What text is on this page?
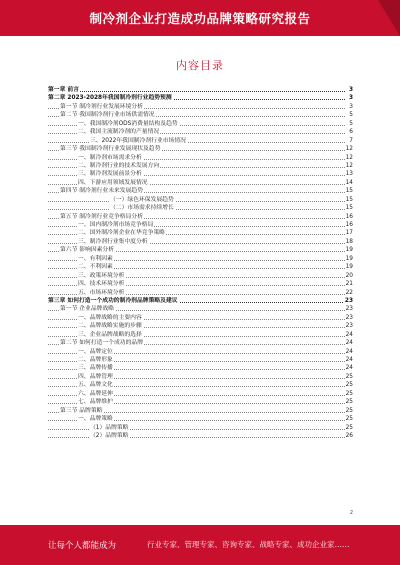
制冷剂企业打造成功品牌策略研究报告
内容目录
第一章 前言	3
第二章 2023-2028年我国制冷剂行业趋势预测	3
第一节 制冷剂行业发展环境分析	3
第二节 我国制冷剂行业市场供需情况	5
一、我国制冷剂ODS消费量结构及趋势	5
二、我国主流制冷剂的产量情况	6
三、2022年我国制冷剂行业市场情况	7
第三节 我国制冷剂行业发展现状及趋势	12
一、制冷剂市场需求分析	12
二、制冷剂行业的技术发展方向	12
三、制冷剂发展前景分析	13
四、下游应用领域发展情况	14
第四节 制冷剂行业未来发展趋势	15
（一）绿色环保发展趋势	15
（二）市场需求持续增长	15
第五节 制冷剂行业竞争格局分析	16
一、国内制冷剂市场竞争格局	16
二、国外制冷剂企业在华竞争策略	17
三、制冷剂行业集中度分析	18
第六节 影响因素分析	19
一、有利因素	19
二、不利因素	19
三、政策环境分析	20
四、技术环境分析	21
五、市场环境分析	22
第三章 如何打造一个成功的制冷剂品牌策略及建议	23
第一节 企业品牌战略	23
一、品牌战略的主要内容	23
二、品牌战略实施的步骤	23
三、企业品牌战略的选择	24
第二节 如何打造一个成功的品牌	24
一、品牌定位	24
二、品牌形象	24
三、品牌传播	24
四、品牌管理	25
五、品牌文化	25
六、品牌延伸	25
七、品牌维护	25
第三节 品牌策略	25
一、品牌策略	25
（1）品牌策略	25
（2）品牌策略	26
2
让每个人都能成为	行业专家、管理专家、咨询专家、战略专家、成功企业家……
